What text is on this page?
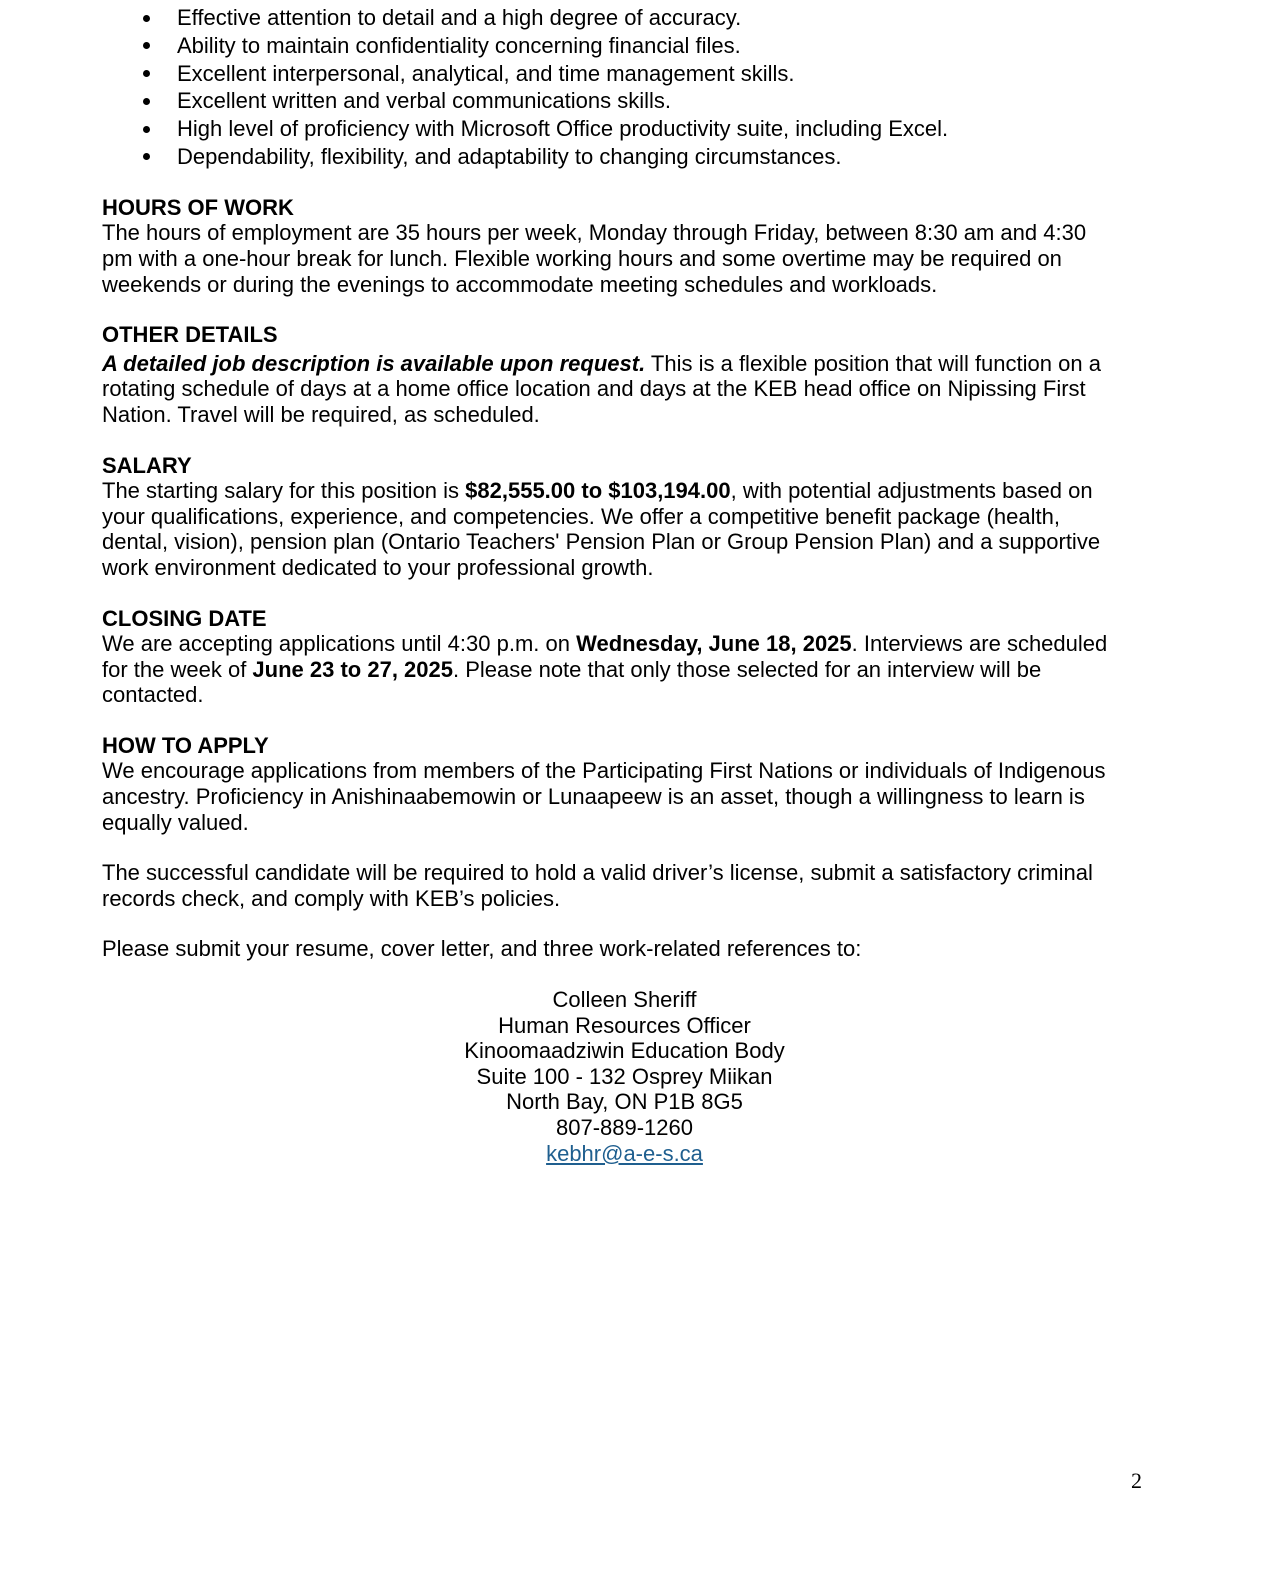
Effective attention to detail and a high degree of accuracy.
Ability to maintain confidentiality concerning financial files.
Excellent interpersonal, analytical, and time management skills.
Excellent written and verbal communications skills.
High level of proficiency with Microsoft Office productivity suite, including Excel.
Dependability, flexibility, and adaptability to changing circumstances.

HOURS OF WORK

The hours of employment are 35 hours per week, Monday through Friday, between 8:30 am and 4:30

pm with a one-hour break for lunch. Flexible working hours and some overtime may be required on

weekends or during the evenings to accommodate meeting schedules and workloads.

OTHER DETAILS

A detailed job description is available upon request. This is a flexible position that will function on a

rotating schedule of days at a home office location and days at the KEB head office on Nipissing First

Nation. Travel will be required, as scheduled.

SALARY

The starting salary for this position is $82,555.00 to $103,194.00, with potential adjustments based on

your qualifications, experience, and competencies. We offer a competitive benefit package (health,

dental, vision), pension plan (Ontario Teachers' Pension Plan or Group Pension Plan) and a supportive

work environment dedicated to your professional growth.

CLOSING DATE

We are accepting applications until 4:30 p.m. on Wednesday, June 18, 2025. Interviews are scheduled

for the week of June 23 to 27, 2025. Please note that only those selected for an interview will be

contacted.

HOW TO APPLY

We encourage applications from members of the Participating First Nations or individuals of Indigenous

ancestry. Proficiency in Anishinaabemowin or Lunaapeew is an asset, though a willingness to learn is

equally valued.

The successful candidate will be required to hold a valid driver’s license, submit a satisfactory criminal

records check, and comply with KEB’s policies.

Please submit your resume, cover letter, and three work-related references to:

Colleen Sheriff

Human Resources Officer

Kinoomaadziwin Education Body

Suite 100 - 132 Osprey Miikan

North Bay, ON P1B 8G5

807-889-1260

kebhr@a-e-s.ca

2
